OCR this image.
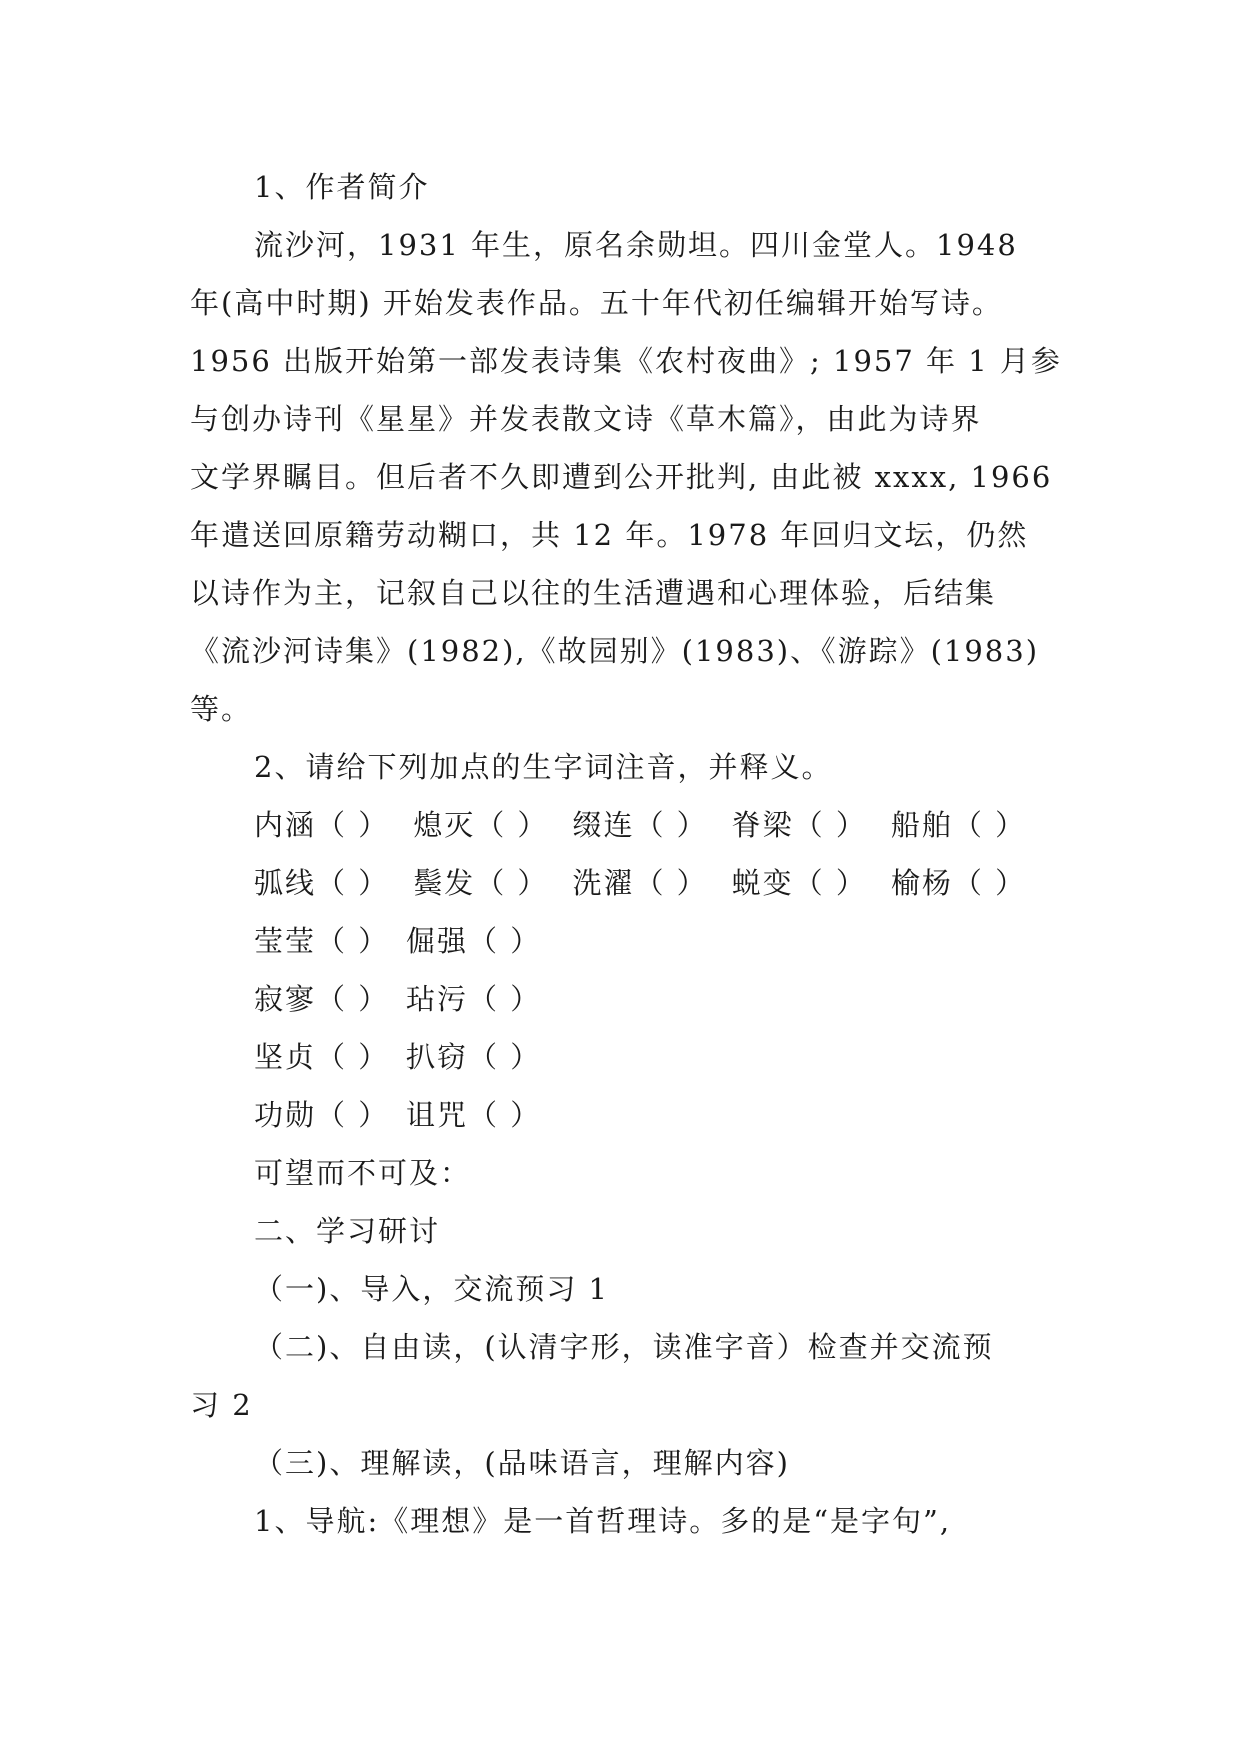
1、作者简介
流沙河，1931 年生，原名余勋坦。四川金堂人。1948
年(高中时期) 开始发表作品。五十年代初任编辑开始写诗。
1956 出版开始第一部发表诗集《农村夜曲》; 1957 年 1 月参
与创办诗刊《星星》并发表散文诗《草木篇》，由此为诗界
文学界瞩目。但后者不久即遭到公开批判, 由此被 xxxx, 1966
年遣送回原籍劳动糊口，共 12 年。1978 年回归文坛，仍然
以诗作为主，记叙自己以往的生活遭遇和心理体验，后结集
《流沙河诗集》(1982),《故园别》(1983)、《游踪》(1983)
等。
2、请给下列加点的生字词注音，并释义。
内涵（ ） 熄灭（ ） 缀连（ ） 脊梁（ ） 船舶（ ）
弧线（ ） 鬓发（ ） 洗濯（ ） 蜕变（ ） 榆杨（ ）
莹莹（ ） 倔强（ ）
寂寥（ ） 玷污（ ）
坚贞（ ） 扒窃（ ）
功勋（ ） 诅咒（ ）
可望而不可及：
二、学习研讨
（一)、导入，交流预习 1
（二)、自由读，(认清字形，读准字音）检查并交流预
习 2
（三)、理解读，(品味语言，理解内容)
1、导航:《理想》是一首哲理诗。多的是“是字句”,
